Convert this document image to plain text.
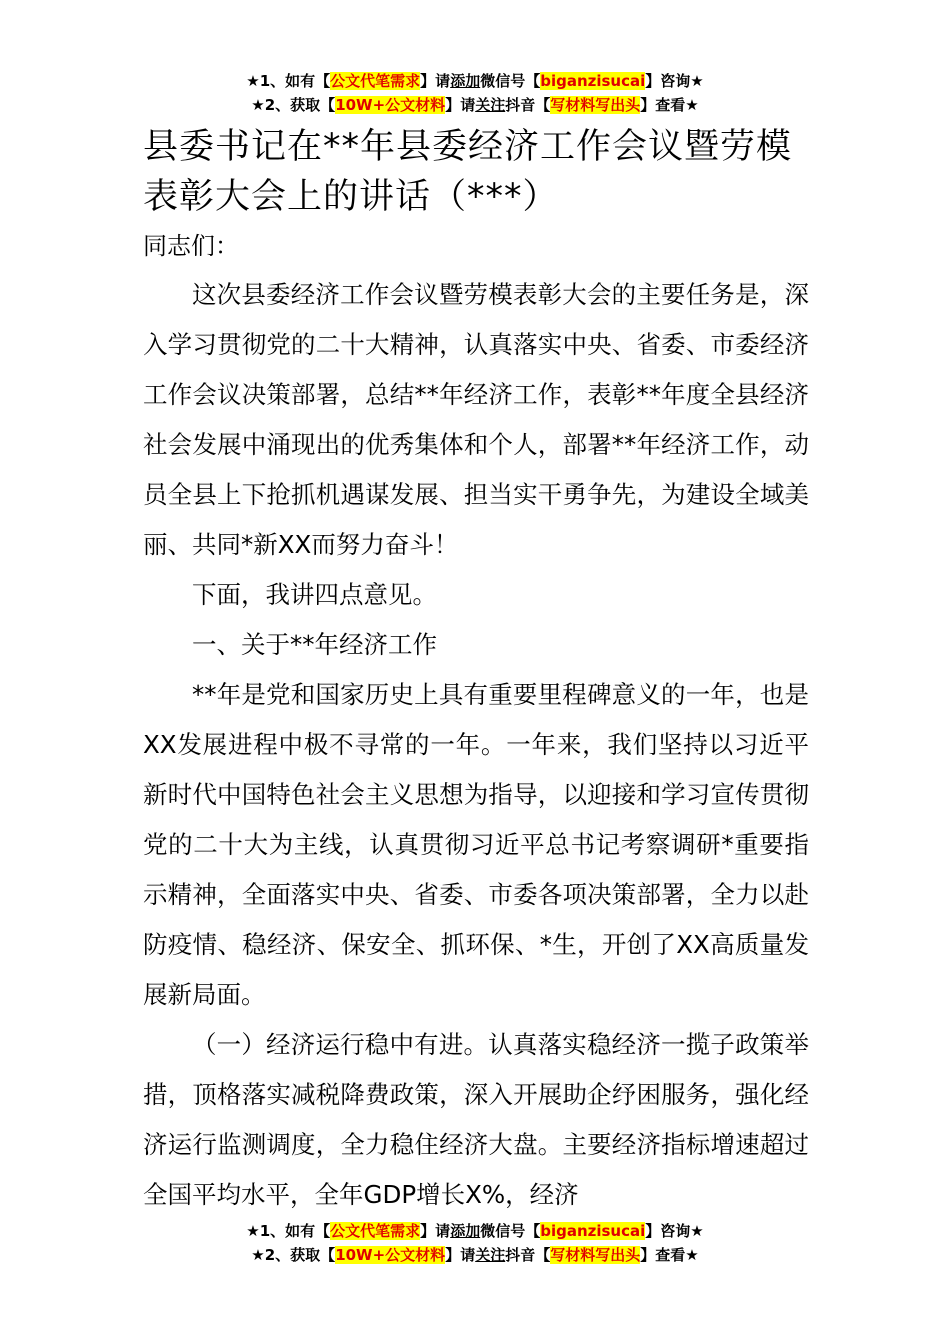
★1、如有【公文代笔需求】请添加微信号【biganzisucai】咨询★
★2、获取【10W+公文材料】请关注抖音【写材料写出头】查看★
县委书记在**年县委经济工作会议暨劳模表彰大会上的讲话（***）
同志们：

这次县委经济工作会议暨劳模表彰大会的主要任务是，深入学习贯彻党的二十大精神，认真落实中央、省委、市委经济工作会议决策部署，总结**年经济工作，表彰**年度全县经济社会发展中涌现出的优秀集体和个人，部署**年经济工作，动员全县上下抢抓机遇谋发展、担当实干勇争先，为建设全域美丽、共同*新XX而努力奋斗！

下面，我讲四点意见。

一、关于**年经济工作

**年是党和国家历史上具有重要里程碑意义的一年，也是XX发展进程中极不寻常的一年。一年来，我们坚持以习近平新时代中国特色社会主义思想为指导，以迎接和学习宣传贯彻党的二十大为主线，认真贯彻习近平总书记考察调研*重要指示精神，全面落实中央、省委、市委各项决策部署，全力以赴防疫情、稳经济、保安全、抓环保、*生，开创了XX高质量发展新局面。

（一）经济运行稳中有进。认真落实稳经济一揽子政策举措，顶格落实减税降费政策，深入开展助企纾困服务，强化经济运行监测调度，全力稳住经济大盘。主要经济指标增速超过全国平均水平，全年GDP增长X%，经济

★1、如有【公文代笔需求】请添加微信号【biganzisucai】咨询★
★2、获取【10W+公文材料】请关注抖音【写材料写出头】查看★
